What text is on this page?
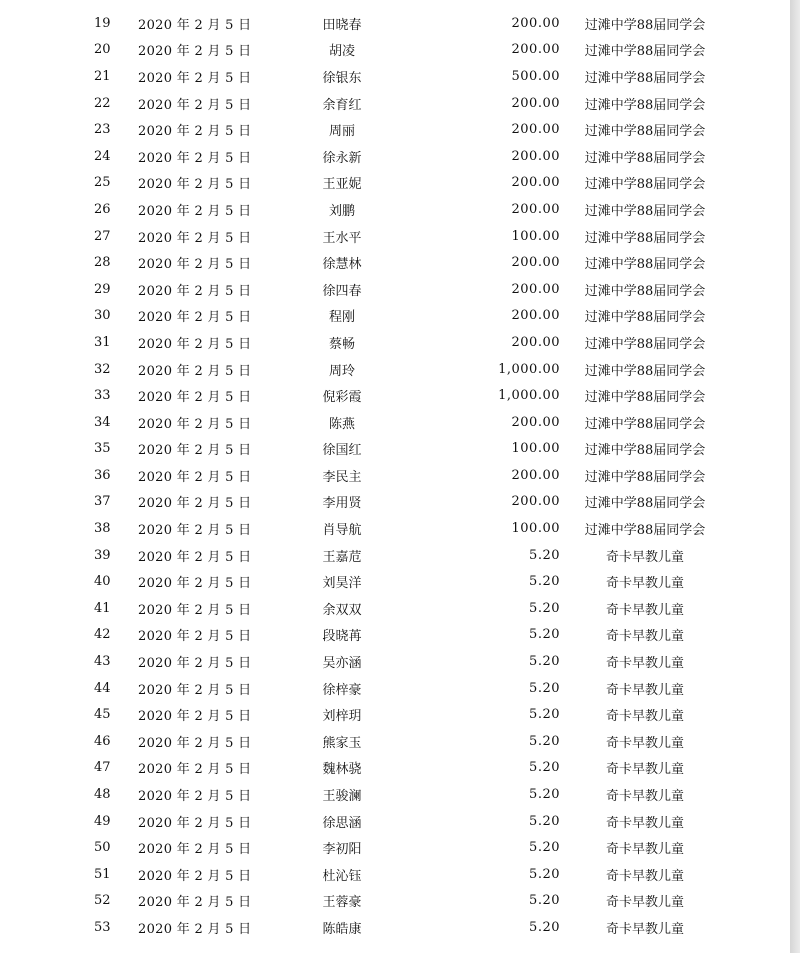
19	2020 年 2 月 5 日	田晓春	200.00	过滩中学88届同学会
20	2020 年 2 月 5 日	胡凌	200.00	过滩中学88届同学会
21	2020 年 2 月 5 日	徐银东	500.00	过滩中学88届同学会
22	2020 年 2 月 5 日	余育红	200.00	过滩中学88届同学会
23	2020 年 2 月 5 日	周丽	200.00	过滩中学88届同学会
24	2020 年 2 月 5 日	徐永新	200.00	过滩中学88届同学会
25	2020 年 2 月 5 日	王亚妮	200.00	过滩中学88届同学会
26	2020 年 2 月 5 日	刘鹏	200.00	过滩中学88届同学会
27	2020 年 2 月 5 日	王水平	100.00	过滩中学88届同学会
28	2020 年 2 月 5 日	徐慧林	200.00	过滩中学88届同学会
29	2020 年 2 月 5 日	徐四春	200.00	过滩中学88届同学会
30	2020 年 2 月 5 日	程刚	200.00	过滩中学88届同学会
31	2020 年 2 月 5 日	蔡畅	200.00	过滩中学88届同学会
32	2020 年 2 月 5 日	周玲	1,000.00	过滩中学88届同学会
33	2020 年 2 月 5 日	倪彩霞	1,000.00	过滩中学88届同学会
34	2020 年 2 月 5 日	陈燕	200.00	过滩中学88届同学会
35	2020 年 2 月 5 日	徐国红	100.00	过滩中学88届同学会
36	2020 年 2 月 5 日	李民主	200.00	过滩中学88届同学会
37	2020 年 2 月 5 日	李用贤	200.00	过滩中学88届同学会
38	2020 年 2 月 5 日	肖导航	100.00	过滩中学88届同学会
39	2020 年 2 月 5 日	王嘉苊	5.20	奇卡早教儿童
40	2020 年 2 月 5 日	刘昊洋	5.20	奇卡早教儿童
41	2020 年 2 月 5 日	余双双	5.20	奇卡早教儿童
42	2020 年 2 月 5 日	段晓苒	5.20	奇卡早教儿童
43	2020 年 2 月 5 日	吴亦涵	5.20	奇卡早教儿童
44	2020 年 2 月 5 日	徐梓豪	5.20	奇卡早教儿童
45	2020 年 2 月 5 日	刘梓玥	5.20	奇卡早教儿童
46	2020 年 2 月 5 日	熊家玉	5.20	奇卡早教儿童
47	2020 年 2 月 5 日	魏林骁	5.20	奇卡早教儿童
48	2020 年 2 月 5 日	王骏澜	5.20	奇卡早教儿童
49	2020 年 2 月 5 日	徐思涵	5.20	奇卡早教儿童
50	2020 年 2 月 5 日	李初阳	5.20	奇卡早教儿童
51	2020 年 2 月 5 日	杜沁钰	5.20	奇卡早教儿童
52	2020 年 2 月 5 日	王蓉豪	5.20	奇卡早教儿童
53	2020 年 2 月 5 日	陈皓康	5.20	奇卡早教儿童
